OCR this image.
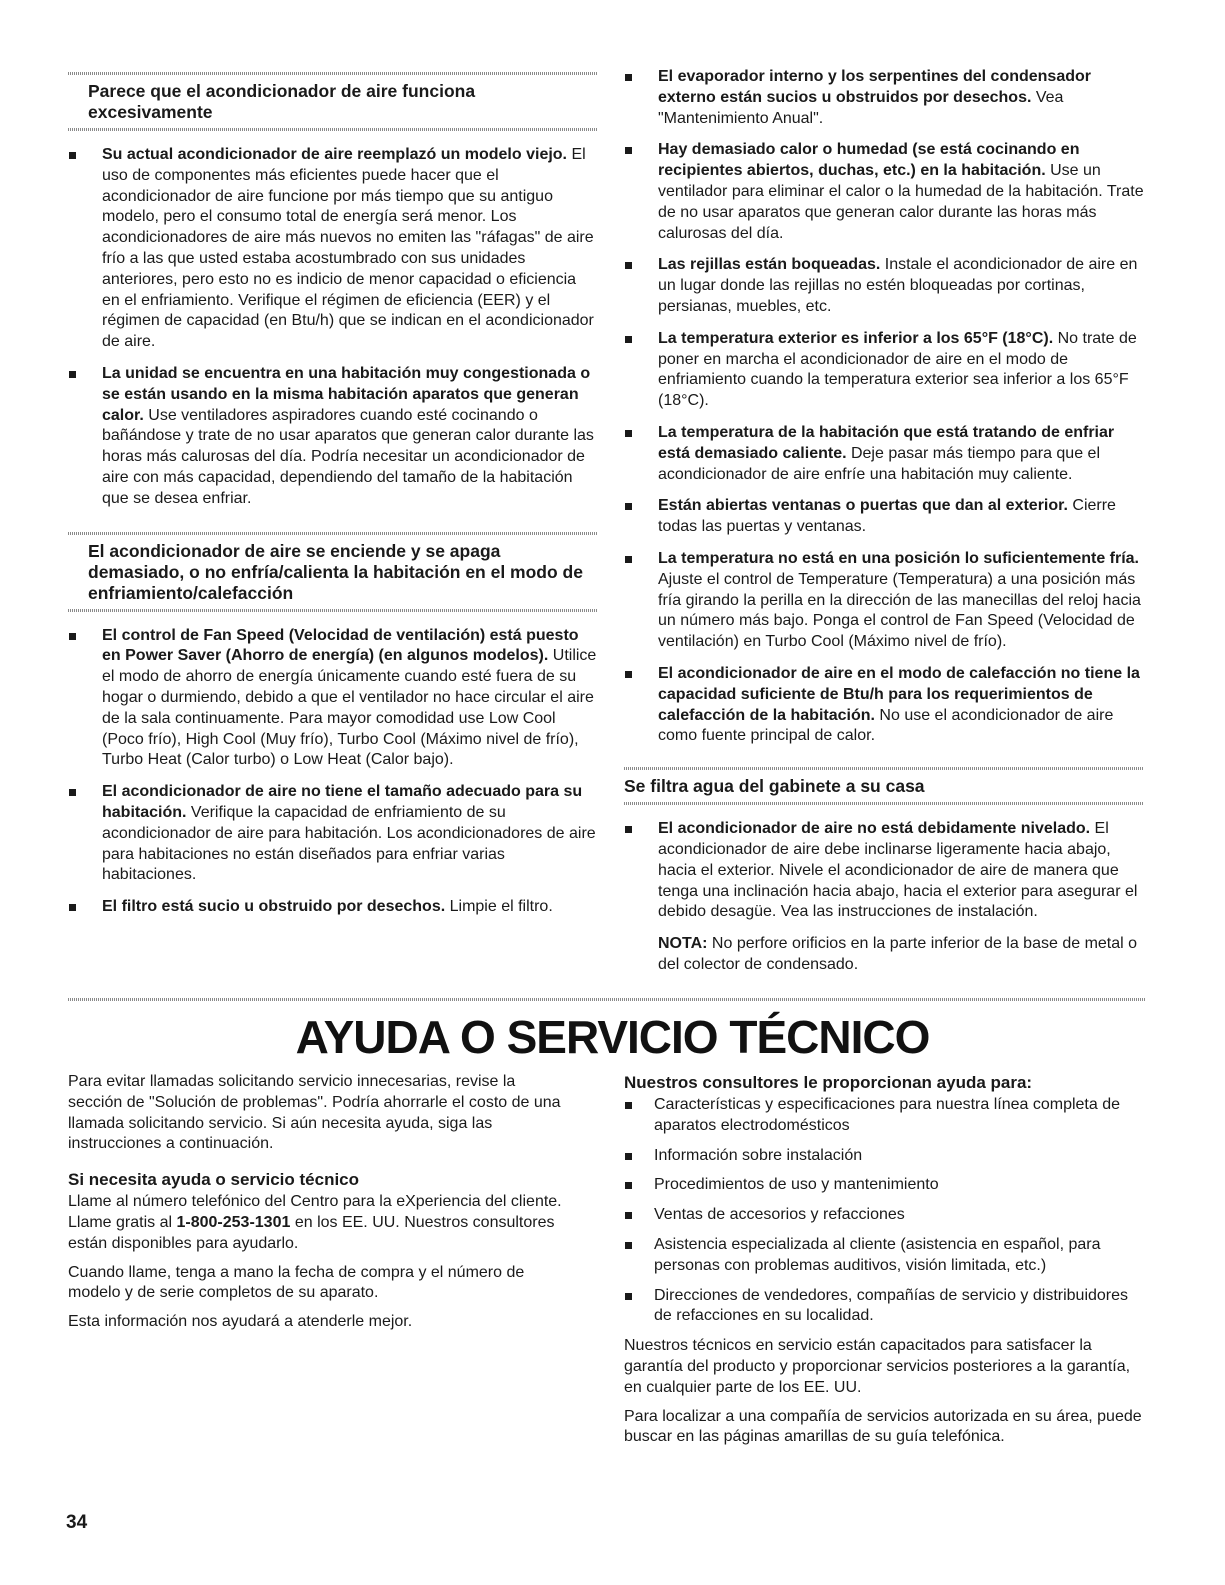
Parece que el acondicionador de aire funciona excesivamente
Su actual acondicionador de aire reemplazó un modelo viejo. El uso de componentes más eficientes puede hacer que el acondicionador de aire funcione por más tiempo que su antiguo modelo, pero el consumo total de energía será menor. Los acondicionadores de aire más nuevos no emiten las "ráfagas" de aire frío a las que usted estaba acostumbrado con sus unidades anteriores, pero esto no es indicio de menor capacidad o eficiencia en el enfriamiento. Verifique el régimen de eficiencia (EER) y el régimen de capacidad (en Btu/h) que se indican en el acondicionador de aire.
La unidad se encuentra en una habitación muy congestionada o se están usando en la misma habitación aparatos que generan calor. Use ventiladores aspiradores cuando esté cocinando o bañándose y trate de no usar aparatos que generan calor durante las horas más calurosas del día. Podría necesitar un acondicionador de aire con más capacidad, dependiendo del tamaño de la habitación que se desea enfriar.
El acondicionador de aire se enciende y se apaga demasiado, o no enfría/calienta la habitación en el modo de enfriamiento/calefacción
El control de Fan Speed (Velocidad de ventilación) está puesto en Power Saver (Ahorro de energía) (en algunos modelos). Utilice el modo de ahorro de energía únicamente cuando esté fuera de su hogar o durmiendo, debido a que el ventilador no hace circular el aire de la sala continuamente. Para mayor comodidad use Low Cool (Poco frío), High Cool (Muy frío), Turbo Cool (Máximo nivel de frío), Turbo Heat (Calor turbo) o Low Heat (Calor bajo).
El acondicionador de aire no tiene el tamaño adecuado para su habitación. Verifique la capacidad de enfriamiento de su acondicionador de aire para habitación. Los acondicionadores de aire para habitaciones no están diseñados para enfriar varias habitaciones.
El filtro está sucio u obstruido por desechos. Limpie el filtro.
El evaporador interno y los serpentines del condensador externo están sucios u obstruidos por desechos. Vea "Mantenimiento Anual".
Hay demasiado calor o humedad (se está cocinando en recipientes abiertos, duchas, etc.) en la habitación. Use un ventilador para eliminar el calor o la humedad de la habitación. Trate de no usar aparatos que generan calor durante las horas más calurosas del día.
Las rejillas están boqueadas. Instale el acondicionador de aire en un lugar donde las rejillas no estén bloqueadas por cortinas, persianas, muebles, etc.
La temperatura exterior es inferior a los 65°F (18°C). No trate de poner en marcha el acondicionador de aire en el modo de enfriamiento cuando la temperatura exterior sea inferior a los 65°F (18°C).
La temperatura de la habitación que está tratando de enfriar está demasiado caliente. Deje pasar más tiempo para que el acondicionador de aire enfríe una habitación muy caliente.
Están abiertas ventanas o puertas que dan al exterior. Cierre todas las puertas y ventanas.
La temperatura no está en una posición lo suficientemente fría. Ajuste el control de Temperature (Temperatura) a una posición más fría girando la perilla en la dirección de las manecillas del reloj hacia un número más bajo. Ponga el control de Fan Speed (Velocidad de ventilación) en Turbo Cool (Máximo nivel de frío).
El acondicionador de aire en el modo de calefacción no tiene la capacidad suficiente de Btu/h para los requerimientos de calefacción de la habitación. No use el acondicionador de aire como fuente principal de calor.
Se filtra agua del gabinete a su casa
El acondicionador de aire no está debidamente nivelado. El acondicionador de aire debe inclinarse ligeramente hacia abajo, hacia el exterior. Nivele el acondicionador de aire de manera que tenga una inclinación hacia abajo, hacia el exterior para asegurar el debido desagüe. Vea las instrucciones de instalación.
NOTA: No perfore orificios en la parte inferior de la base de metal o del colector de condensado.
AYUDA O SERVICIO TÉCNICO

Para evitar llamadas solicitando servicio innecesarias, revise la sección de "Solución de problemas". Podría ahorrarle el costo de una llamada solicitando servicio. Si aún necesita ayuda, siga las instrucciones a continuación.

Si necesita ayuda o servicio técnico

Llame al número telefónico del Centro para la eXperiencia del cliente. Llame gratis al 1-800-253-1301 en los EE. UU. Nuestros consultores están disponibles para ayudarlo.

Cuando llame, tenga a mano la fecha de compra y el número de modelo y de serie completos de su aparato.

Esta información nos ayudará a atenderle mejor.

Nuestros consultores le proporcionan ayuda para:
Características y especificaciones para nuestra línea completa de aparatos electrodomésticos
Información sobre instalación
Procedimientos de uso y mantenimiento
Ventas de accesorios y refacciones
Asistencia especializada al cliente (asistencia en español, para personas con problemas auditivos, visión limitada, etc.)
Direcciones de vendedores, compañías de servicio y distribuidores de refacciones en su localidad.

Nuestros técnicos en servicio están capacitados para satisfacer la garantía del producto y proporcionar servicios posteriores a la garantía, en cualquier parte de los EE. UU.

Para localizar a una compañía de servicios autorizada en su área, puede buscar en las páginas amarillas de su guía telefónica.

34
